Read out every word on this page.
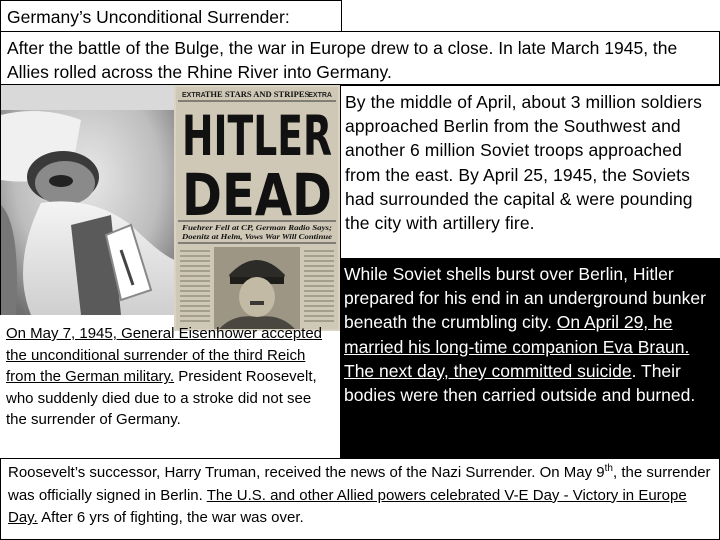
Germany’s Unconditional Surrender:
After the battle of the Bulge, the war in Europe drew to a close. In late March 1945, the Allies rolled across the Rhine River into Germany.
EXTRA THE STARS AND STRIPES EXTRA
HITLER
DEAD
Fuehrer Fell at CP, German Radio Says;
Doenitz at Helm, Vows War Will Continue
By the middle of April, about 3 million soldiers approached Berlin from the Southwest and another 6 million Soviet troops approached from the east. By April 25, 1945, the Soviets had surrounded the capital & were pounding the city with artillery fire.
While Soviet shells burst over Berlin, Hitler prepared for his end in an underground bunker beneath the crumbling city. On April 29, he married his long-time companion Eva Braun. The next day, they committed suicide. Their bodies were then carried outside and burned.
On May 7, 1945, General Eisenhower accepted the unconditional surrender of the third Reich from the German military. President Roosevelt, who suddenly died due to a stroke did not see the surrender of Germany.
Roosevelt’s successor, Harry Truman, received the news of the Nazi Surrender. On May 9th, the surrender was officially signed in Berlin. The U.S. and other Allied powers celebrated V-E Day - Victory in Europe Day. After 6 yrs of fighting, the war was over.
